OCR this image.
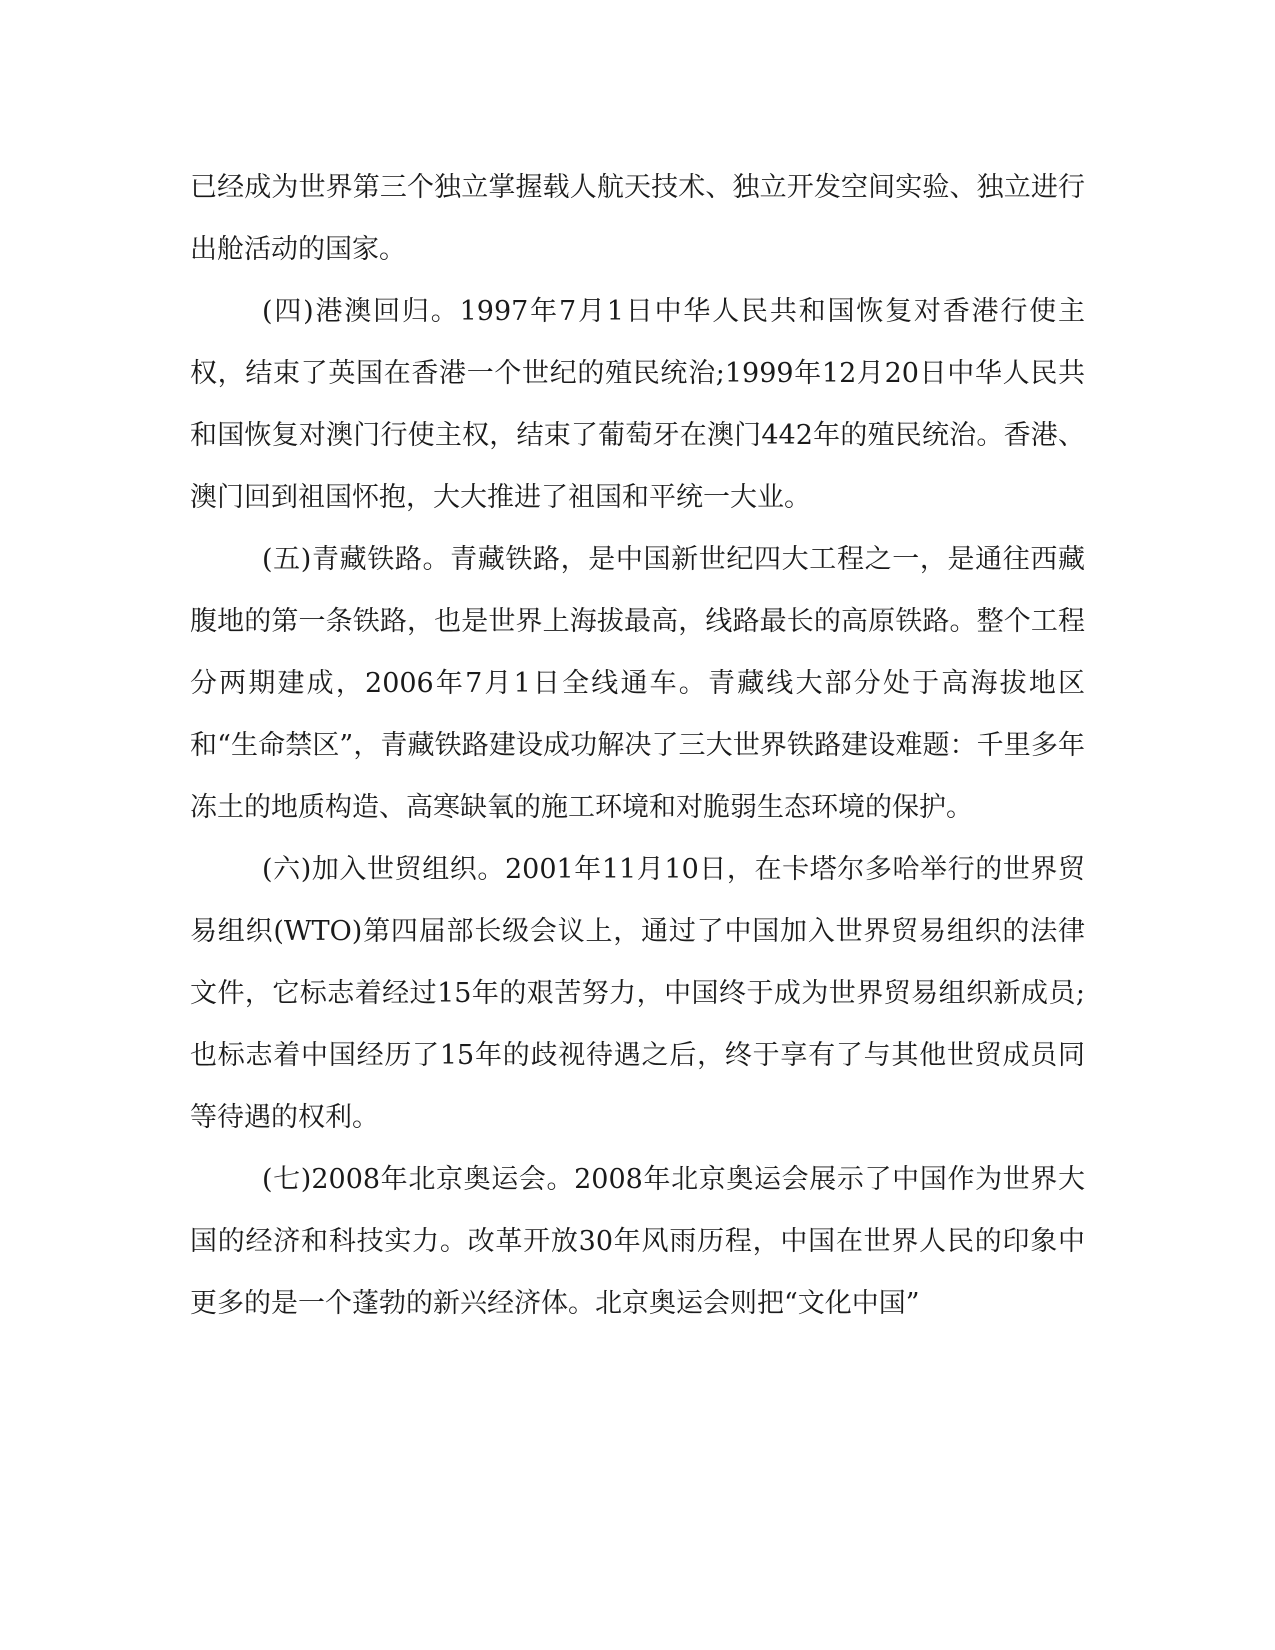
已经成为世界第三个独立掌握载人航天技术、独立开发空间实验、独立进行出舱活动的国家。

(四)港澳回归。1997年7月1日中华人民共和国恢复对香港行使主权，结束了英国在香港一个世纪的殖民统治;1999年12月20日中华人民共和国恢复对澳门行使主权，结束了葡萄牙在澳门442年的殖民统治。香港、澳门回到祖国怀抱，大大推进了祖国和平统一大业。

(五)青藏铁路。青藏铁路，是中国新世纪四大工程之一，是通往西藏腹地的第一条铁路，也是世界上海拔最高，线路最长的高原铁路。整个工程分两期建成，2006年7月1日全线通车。青藏线大部分处于高海拔地区和“生命禁区”，青藏铁路建设成功解决了三大世界铁路建设难题：千里多年冻土的地质构造、高寒缺氧的施工环境和对脆弱生态环境的保护。

(六)加入世贸组织。2001年11月10日，在卡塔尔多哈举行的世界贸易组织(WTO)第四届部长级会议上，通过了中国加入世界贸易组织的法律文件，它标志着经过15年的艰苦努力，中国终于成为世界贸易组织新成员;也标志着中国经历了15年的歧视待遇之后，终于享有了与其他世贸成员同等待遇的权利。

(七)2008年北京奥运会。2008年北京奥运会展示了中国作为世界大国的经济和科技实力。改革开放30年风雨历程，中国在世界人民的印象中更多的是一个蓬勃的新兴经济体。北京奥运会则把“文化中国”
